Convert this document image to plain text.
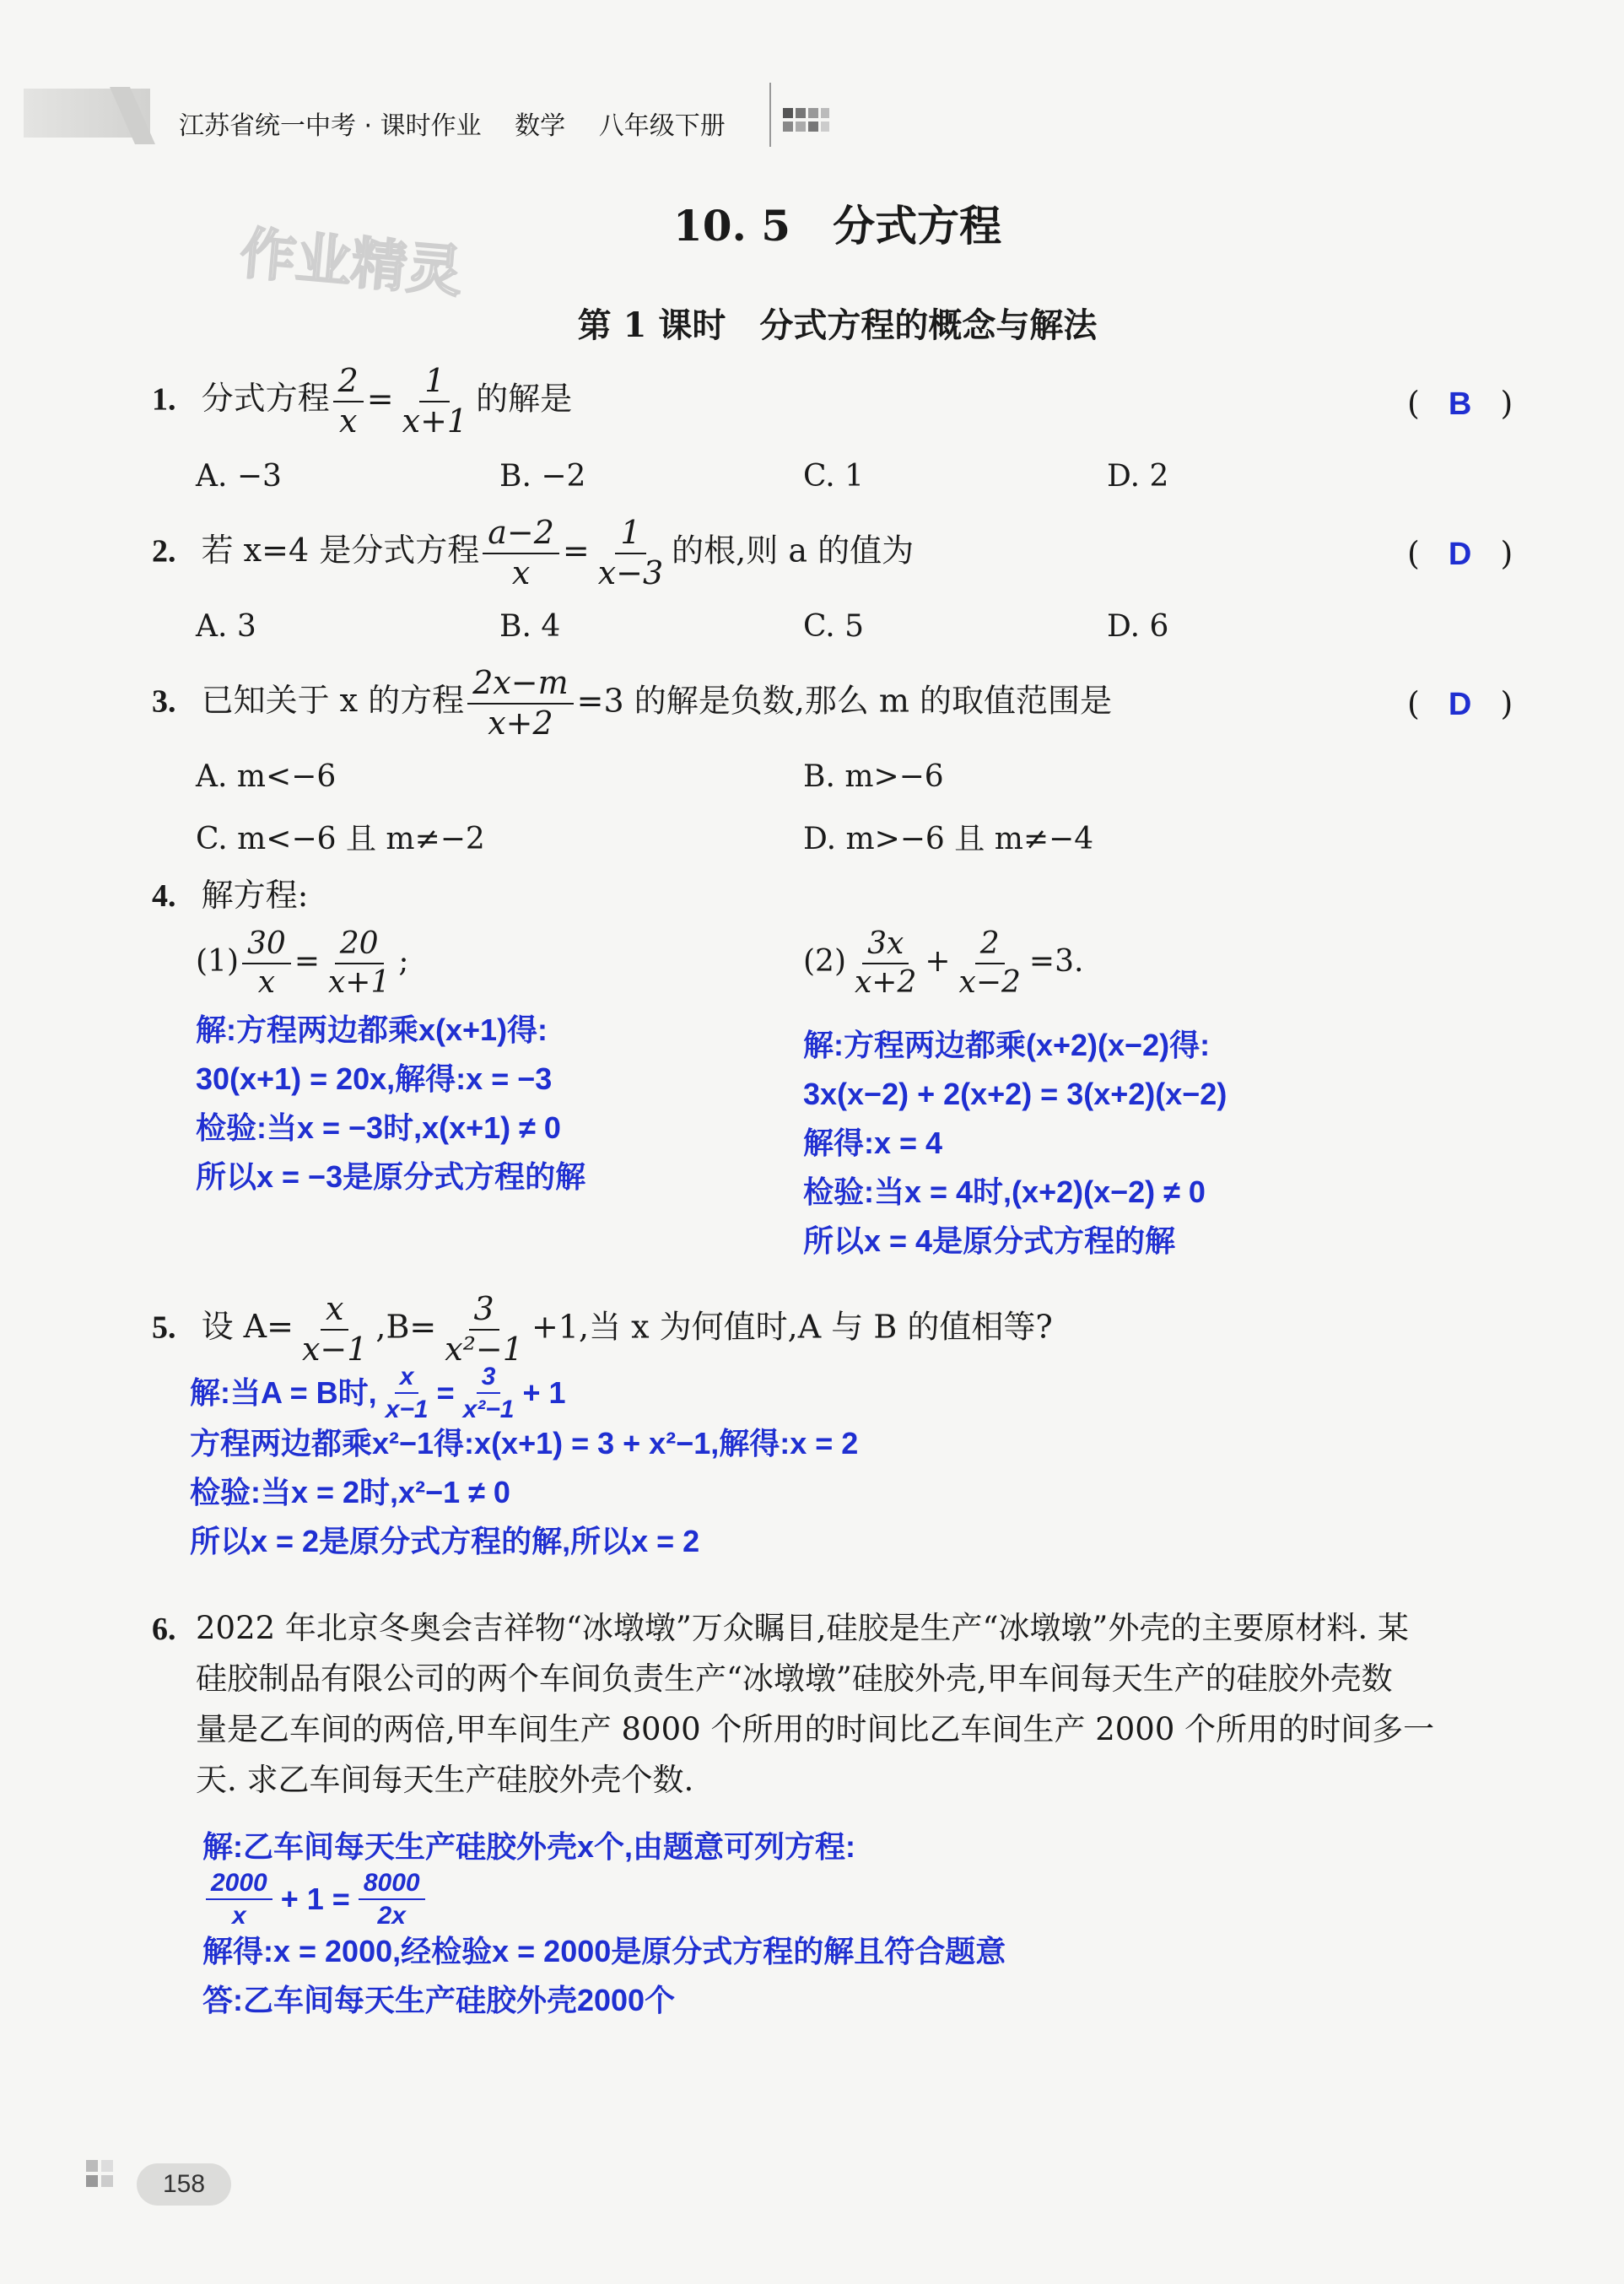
江苏省统一中考 · 课时作业 数学 八年级下册
作业精灵	10. 5　分式方程
第 1 课时　分式方程的概念与解法
1. 分式方程 $\frac{2}{x} = \frac{1}{x+1}$ 的解是	( B )
A. −3	B. −2	C. 1	D. 2
2. 若 x=4 是分式方程 $\frac{a-2}{x} = \frac{1}{x-3}$ 的根,则 a 的值为	( D )
A. 3	B. 4	C. 5	D. 6
3. 已知关于 x 的方程 $\frac{2x-m}{x+2} =3$ 的解是负数,那么 m 的取值范围是	( D )
A. m<−6	B. m>−6
C. m<−6 且 m≠−2	D. m>−6 且 m≠−4
4. 解方程:
$(1) \frac{30}{x} = \frac{20}{x+1}$ ;	$(2) \frac{3x}{x+2} + \frac{2}{x-2} =3$.
解:方程两边都乘x(x+1)得:
30(x+1) = 20x,解得:x = −3
检验:当x = −3时,x(x+1) ≠ 0
所以x = −3是原分式方程的解
解:方程两边都乘(x+2)(x−2)得:
3x(x−2) + 2(x+2) = 3(x+2)(x−2)
解得:x = 4
检验:当x = 4时,(x+2)(x−2) ≠ 0
所以x = 4是原分式方程的解
5. 设 $A= \frac{x}{x-1} ,B= \frac{3}{\text{x²−1}} +1$,当 x 为何值时,A 与 B 的值相等?
解:当A = B时, $\frac{x}{x-1} = \frac{3}{\text{x²−1}} + 1$
方程两边都乘x²−1得:x(x+1) = 3 + x²−1,解得:x = 2
检验:当x = 2时,x²−1 ≠ 0
所以x = 2是原分式方程的解,所以x = 2
6. 2022 年北京冬奥会吉祥物“冰墩墩”万众瞩目,硅胶是生产“冰墩墩”外壳的主要原材料. 某
硅胶制品有限公司的两个车间负责生产“冰墩墩”硅胶外壳,甲车间每天生产的硅胶外壳数
量是乙车间的两倍,甲车间生产 8000 个所用的时间比乙车间生产 2000 个所用的时间多一
天. 求乙车间每天生产硅胶外壳个数.
解:乙车间每天生产硅胶外壳x个,由题意可列方程:
$\frac{2000}{x} + 1 = \frac{8000}{2x}$
解得:x = 2000,经检验x = 2000是原分式方程的解且符合题意
答:乙车间每天生产硅胶外壳2000个
158
